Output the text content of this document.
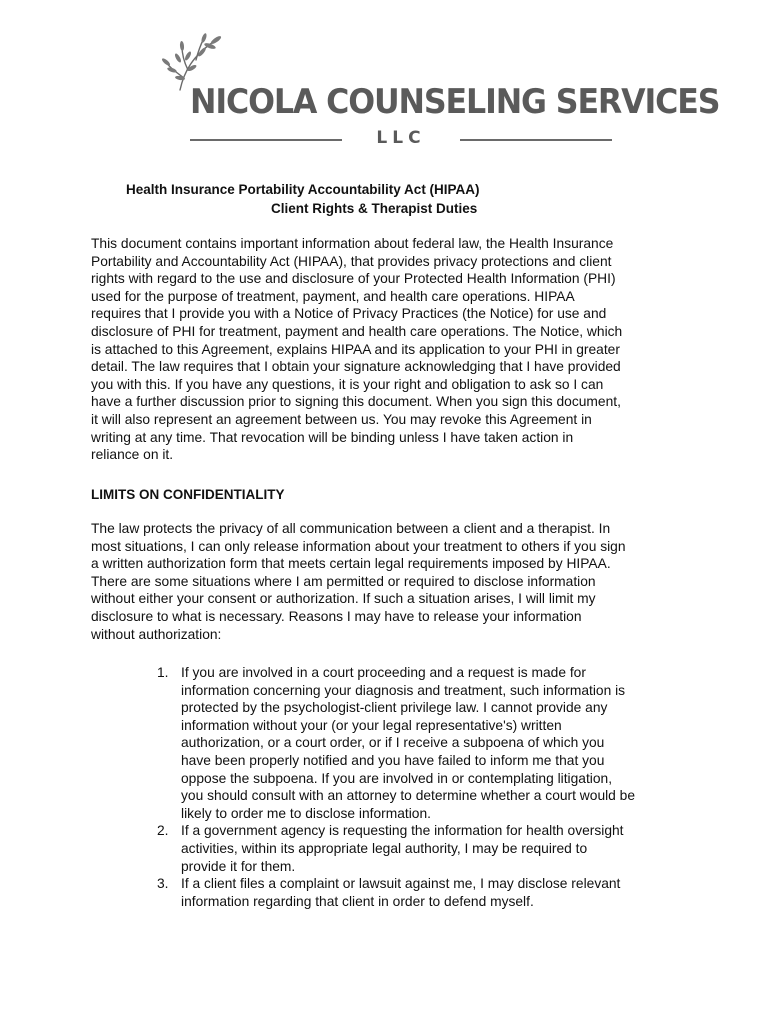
NICOLA COUNSELING SERVICES
LLC
Health Insurance Portability Accountability Act (HIPAA)
Client Rights & Therapist Duties

This document contains important information about federal law, the Health Insurance
Portability and Accountability Act (HIPAA), that provides privacy protections and client
rights with regard to the use and disclosure of your Protected Health Information (PHI)
used for the purpose of treatment, payment, and health care operations. HIPAA
requires that I provide you with a Notice of Privacy Practices (the Notice) for use and
disclosure of PHI for treatment, payment and health care operations. The Notice, which
is attached to this Agreement, explains HIPAA and its application to your PHI in greater
detail. The law requires that I obtain your signature acknowledging that I have provided
you with this. If you have any questions, it is your right and obligation to ask so I can
have a further discussion prior to signing this document. When you sign this document,
it will also represent an agreement between us. You may revoke this Agreement in
writing at any time. That revocation will be binding unless I have taken action in
reliance on it.

LIMITS ON CONFIDENTIALITY

The law protects the privacy of all communication between a client and a therapist. In
most situations, I can only release information about your treatment to others if you sign
a written authorization form that meets certain legal requirements imposed by HIPAA.
There are some situations where I am permitted or required to disclose information
without either your consent or authorization. If such a situation arises, I will limit my
disclosure to what is necessary. Reasons I may have to release your information
without authorization:

1. If you are involved in a court proceeding and a request is made for
information concerning your diagnosis and treatment, such information is
protected by the psychologist-client privilege law. I cannot provide any
information without your (or your legal representative's) written
authorization, or a court order, or if I receive a subpoena of which you
have been properly notified and you have failed to inform me that you
oppose the subpoena. If you are involved in or contemplating litigation,
you should consult with an attorney to determine whether a court would be
likely to order me to disclose information.
2. If a government agency is requesting the information for health oversight
activities, within its appropriate legal authority, I may be required to
provide it for them.
3. If a client files a complaint or lawsuit against me, I may disclose relevant
information regarding that client in order to defend myself.
